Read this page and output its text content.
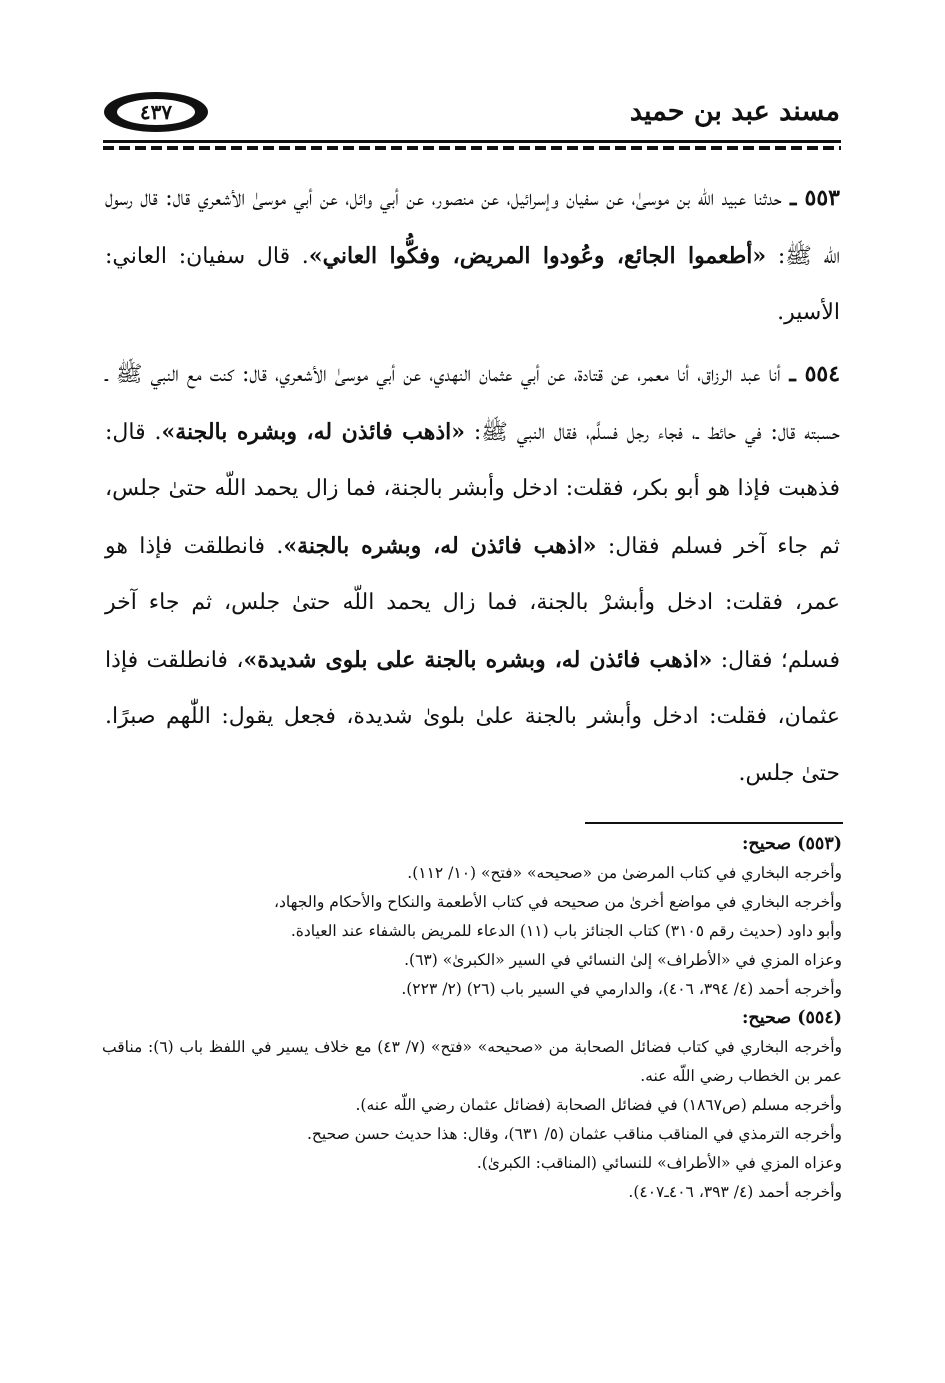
مسند عبد بن حميد
٤٣٧

٥٥٣ ـ حدثنا عبيد اللّه بن موسىٰ، عن سفيان وإسرائيل، عن منصور، عن أبي وائل، عن أبي موسىٰ الأشعري قال: قال رسول اللّه ﷺ: «أطعموا الجائع، وعُودوا المريض، وفكُّوا العاني». قال سفيان: العاني: الأسير.

٥٥٤ ـ أنا عبد الرزاق، أنا معمر، عن قتادة، عن أبي عثمان النهدي، عن أبي موسىٰ الأشعري، قال: كنت مع النبي ﷺ ـ حسبته قال: في حائط ـ، فجاء رجل فسلَّم، فقال النبي ﷺ: «اذهب فائذن له، وبشره بالجنة». قال: فذهبت فإذا هو أبو بكر، فقلت: ادخل وأبشر بالجنة، فما زال يحمد اللّه حتىٰ جلس، ثم جاء آخر فسلم فقال: «اذهب فائذن له، وبشره بالجنة». فانطلقت فإذا هو عمر، فقلت: ادخل وأبشرْ بالجنة، فما زال يحمد اللّه حتىٰ جلس، ثم جاء آخر فسلم؛ فقال: «اذهب فائذن له، وبشره بالجنة على بلوى شديدة»، فانطلقت فإذا عثمان، فقلت: ادخل وأبشر بالجنة علىٰ بلوىٰ شديدة، فجعل يقول: اللّٰهم صبرًا. حتىٰ جلس.

(٥٥٣) صحيح:

وأخرجه البخاري في كتاب المرضىٰ من «صحيحه» «فتح» (١٠/ ١١٢).

وأخرجه البخاري في مواضع أخرىٰ من صحيحه في كتاب الأطعمة والنكاح والأحكام والجهاد،

وأبو داود (حديث رقم ٣١٠٥) كتاب الجنائز باب (١١) الدعاء للمريض بالشفاء عند العيادة.

وعزاه المزي في «الأطراف» إلىٰ النسائي في السير «الكبرىٰ» (٦٣).

وأخرجه أحمد (٤/ ٣٩٤، ٤٠٦)، والدارمي في السير باب (٢٦) (٢/ ٢٢٣).

(٥٥٤) صحيح:

وأخرجه البخاري في كتاب فضائل الصحابة من «صحيحه» «فتح» (٧/ ٤٣) مع خلاف يسير في اللفظ باب (٦): مناقب عمر بن الخطاب رضي اللّه عنه.

وأخرجه مسلم (ص١٨٦٧) في فضائل الصحابة (فضائل عثمان رضي اللّه عنه).

وأخرجه الترمذي في المناقب مناقب عثمان (٥/ ٦٣١)، وقال: هذا حديث حسن صحيح.

وعزاه المزي في «الأطراف» للنسائي (المناقب: الكبرىٰ).

وأخرجه أحمد (٤/ ٣٩٣، ٤٠٦ـ٤٠٧).
